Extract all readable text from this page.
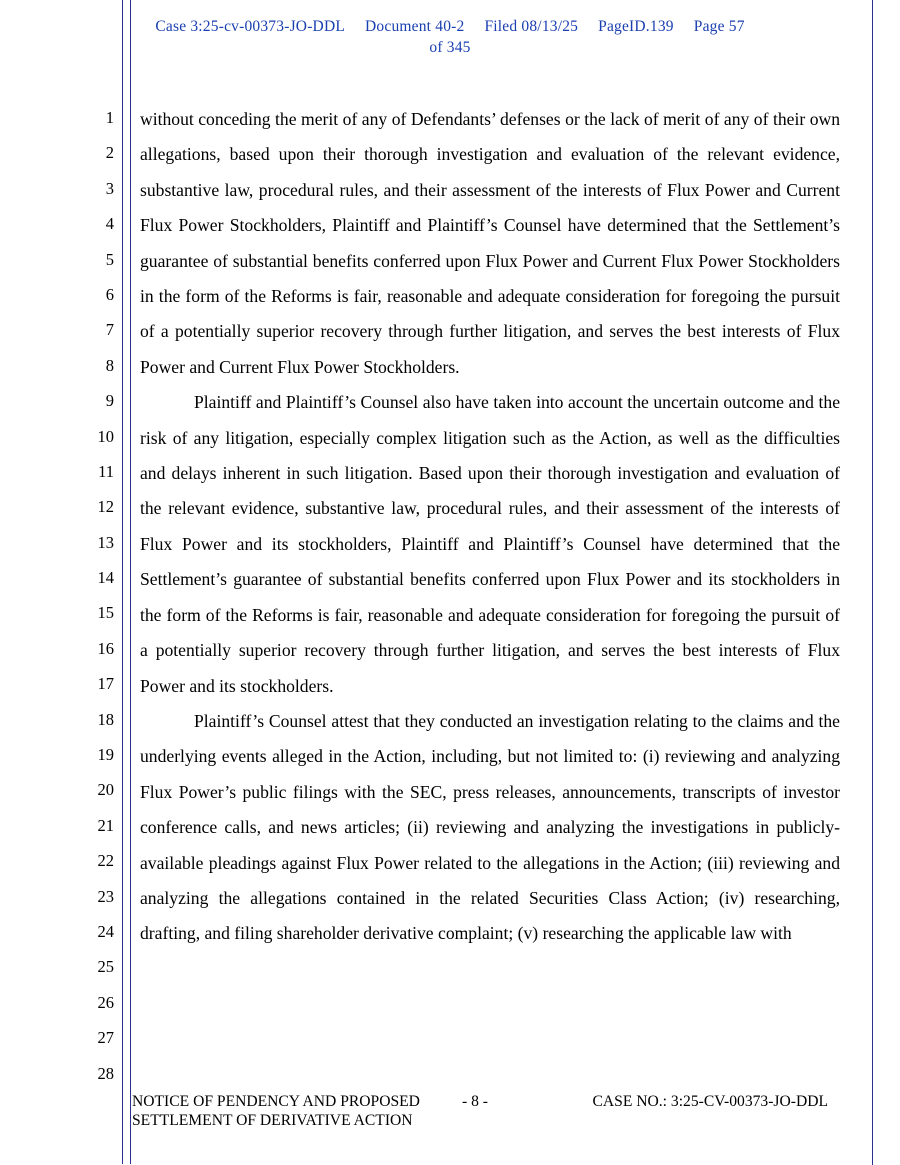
Case 3:25-cv-00373-JO-DDL Document 40-2 Filed 08/13/25 PageID.139 Page 57
of 345
1
2
3
4
5
6
7
8
9
10
11
12
13
14
15
16
17
18
19
20
21
22
23
24
25
26
27
28

without conceding the merit of any of Defendants’ defenses or the lack of merit of any of their own allegations, based upon their thorough investigation and evaluation of the relevant evidence, substantive law, procedural rules, and their assessment of the interests of Flux Power and Current Flux Power Stockholders, Plaintiff and Plaintiff’s Counsel have determined that the Settlement’s guarantee of substantial benefits conferred upon Flux Power and Current Flux Power Stockholders in the form of the Reforms is fair, reasonable and adequate consideration for foregoing the pursuit of a potentially superior recovery through further litigation, and serves the best interests of Flux Power and Current Flux Power Stockholders.

Plaintiff and Plaintiff’s Counsel also have taken into account the uncertain outcome and the risk of any litigation, especially complex litigation such as the Action, as well as the difficulties and delays inherent in such litigation. Based upon their thorough investigation and evaluation of the relevant evidence, substantive law, procedural rules, and their assessment of the interests of Flux Power and its stockholders, Plaintiff and Plaintiff’s Counsel have determined that the Settlement’s guarantee of substantial benefits conferred upon Flux Power and its stockholders in the form of the Reforms is fair, reasonable and adequate consideration for foregoing the pursuit of a potentially superior recovery through further litigation, and serves the best interests of Flux Power and its stockholders.

Plaintiff’s Counsel attest that they conducted an investigation relating to the claims and the underlying events alleged in the Action, including, but not limited to: (i) reviewing and analyzing Flux Power’s public filings with the SEC, press releases, announcements, transcripts of investor conference calls, and news articles; (ii) reviewing and analyzing the investigations in publicly-available pleadings against Flux Power related to the allegations in the Action; (iii) reviewing and analyzing the allegations contained in the related Securities Class Action; (iv) researching, drafting, and filing shareholder derivative complaint; (v) researching the applicable law with

NOTICE OF PENDENCY AND PROPOSED
SETTLEMENT OF DERIVATIVE ACTION
- 8 -	CASE NO.: 3:25-CV-00373-JO-DDL
